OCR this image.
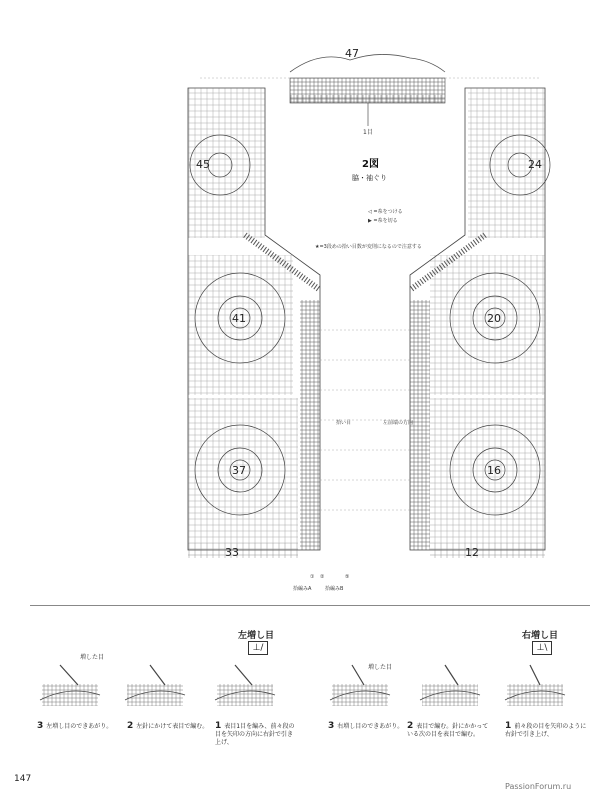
47
1目
45	24
41	20
37	16
33	12
2図
脇・袖ぐり
◁ =糸をつける
▶ =糸を切る
★=3段めの拾い目数が変則になるので注意する
拾い目	左前端の方向
① ②	⑤
拾編みA	拾編みB
左増し目
⊥/
増した目
3 左増し目のできあがり。	2 左針にかけて表目で編む。 1 表目1目を編み、前々段の目を矢印の方向に右針で引き上げ、
右増し目
⊥\
増した目
3 右増し目のできあがり。 2 表目で編む。針にかかっている次の目を表目で編む。
1 前々段の目を矢印のように右針で引き上げ、
147
PassionForum.ru
